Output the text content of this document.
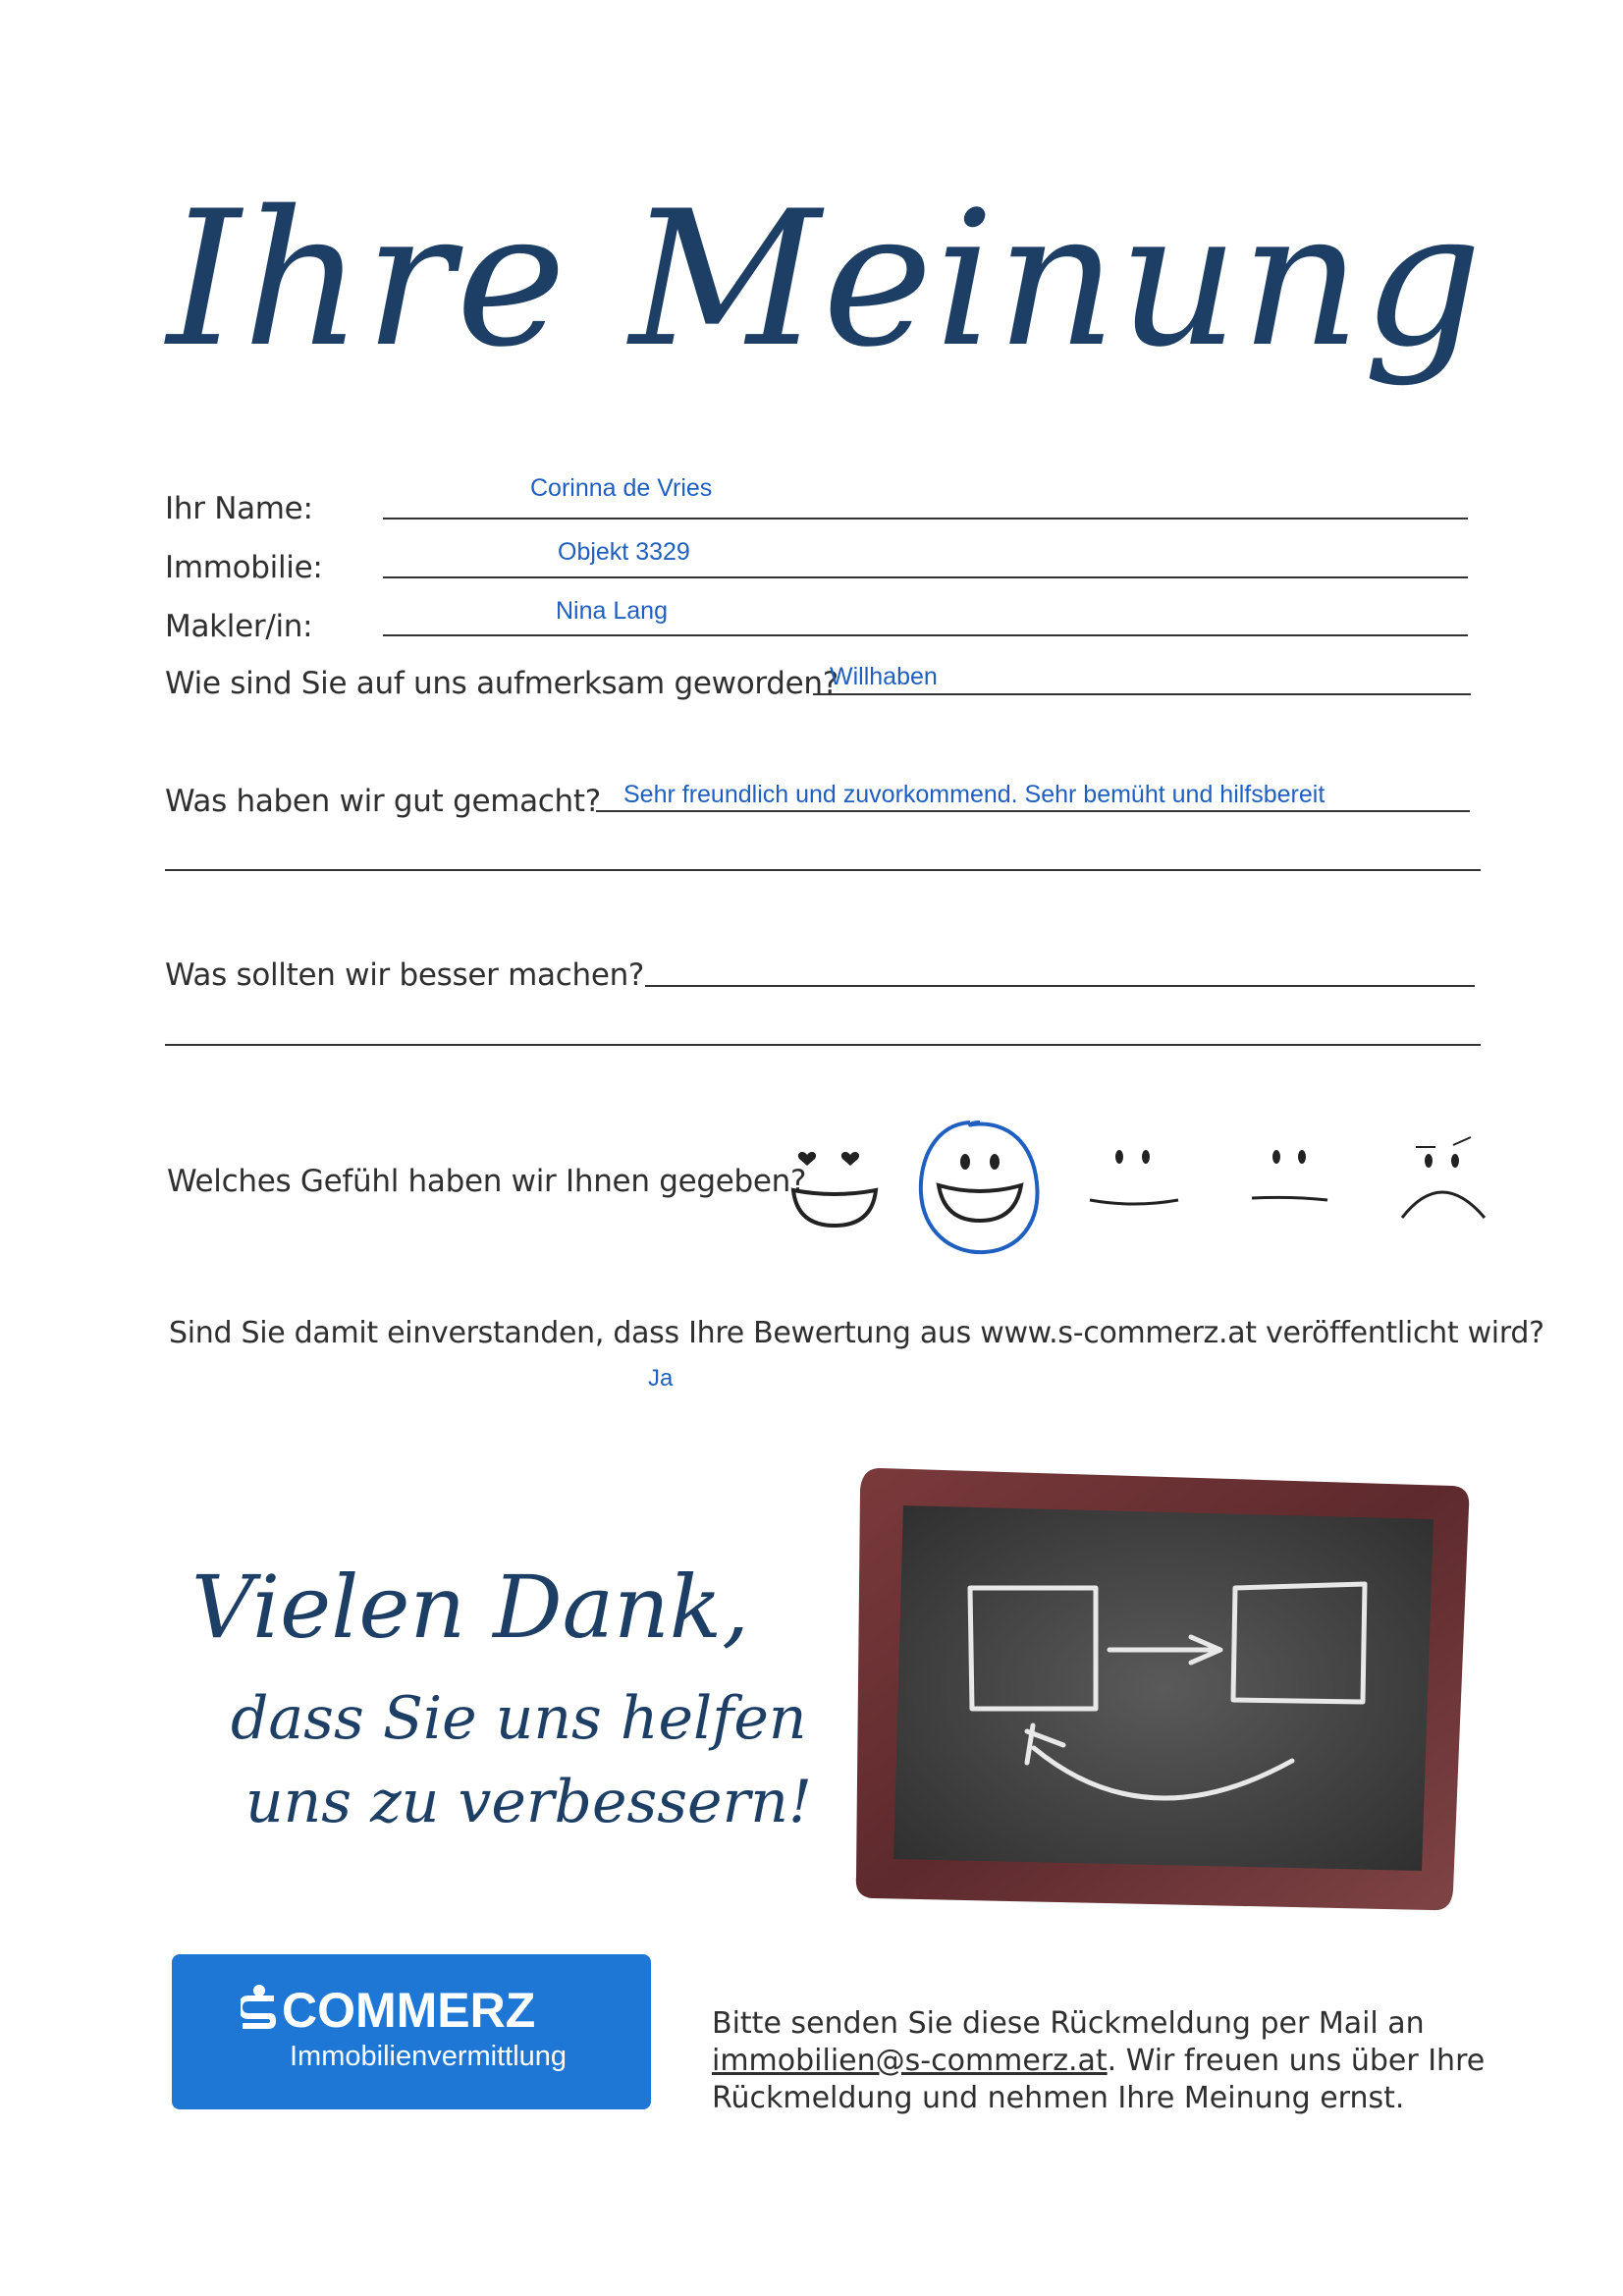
Ihre Meinung
Ihr Name:
Corinna de Vries
Immobilie:	Objekt 3329
Makler/in:	Nina Lang
Wie sind Sie auf uns aufmerksam geworden?
Willhaben
Was haben wir gut gemacht? Sehr freundlich und zuvorkommend. Sehr bemüht und hilfsbereit
Was sollten wir besser machen?
Welches Gefühl haben wir Ihnen gegeben?
Sind Sie damit einverstanden, dass Ihre Bewertung aus www.s-commerz.at veröffentlicht wird?
Ja
Vielen Dank,
dass Sie uns helfen
uns zu verbessern!
COMMERZ
Immobilienvermittlung
Bitte senden Sie diese Rückmeldung per Mail an
immobilien@s-commerz.at. Wir freuen uns über Ihre Rückmeldung und nehmen Ihre Meinung ernst.
